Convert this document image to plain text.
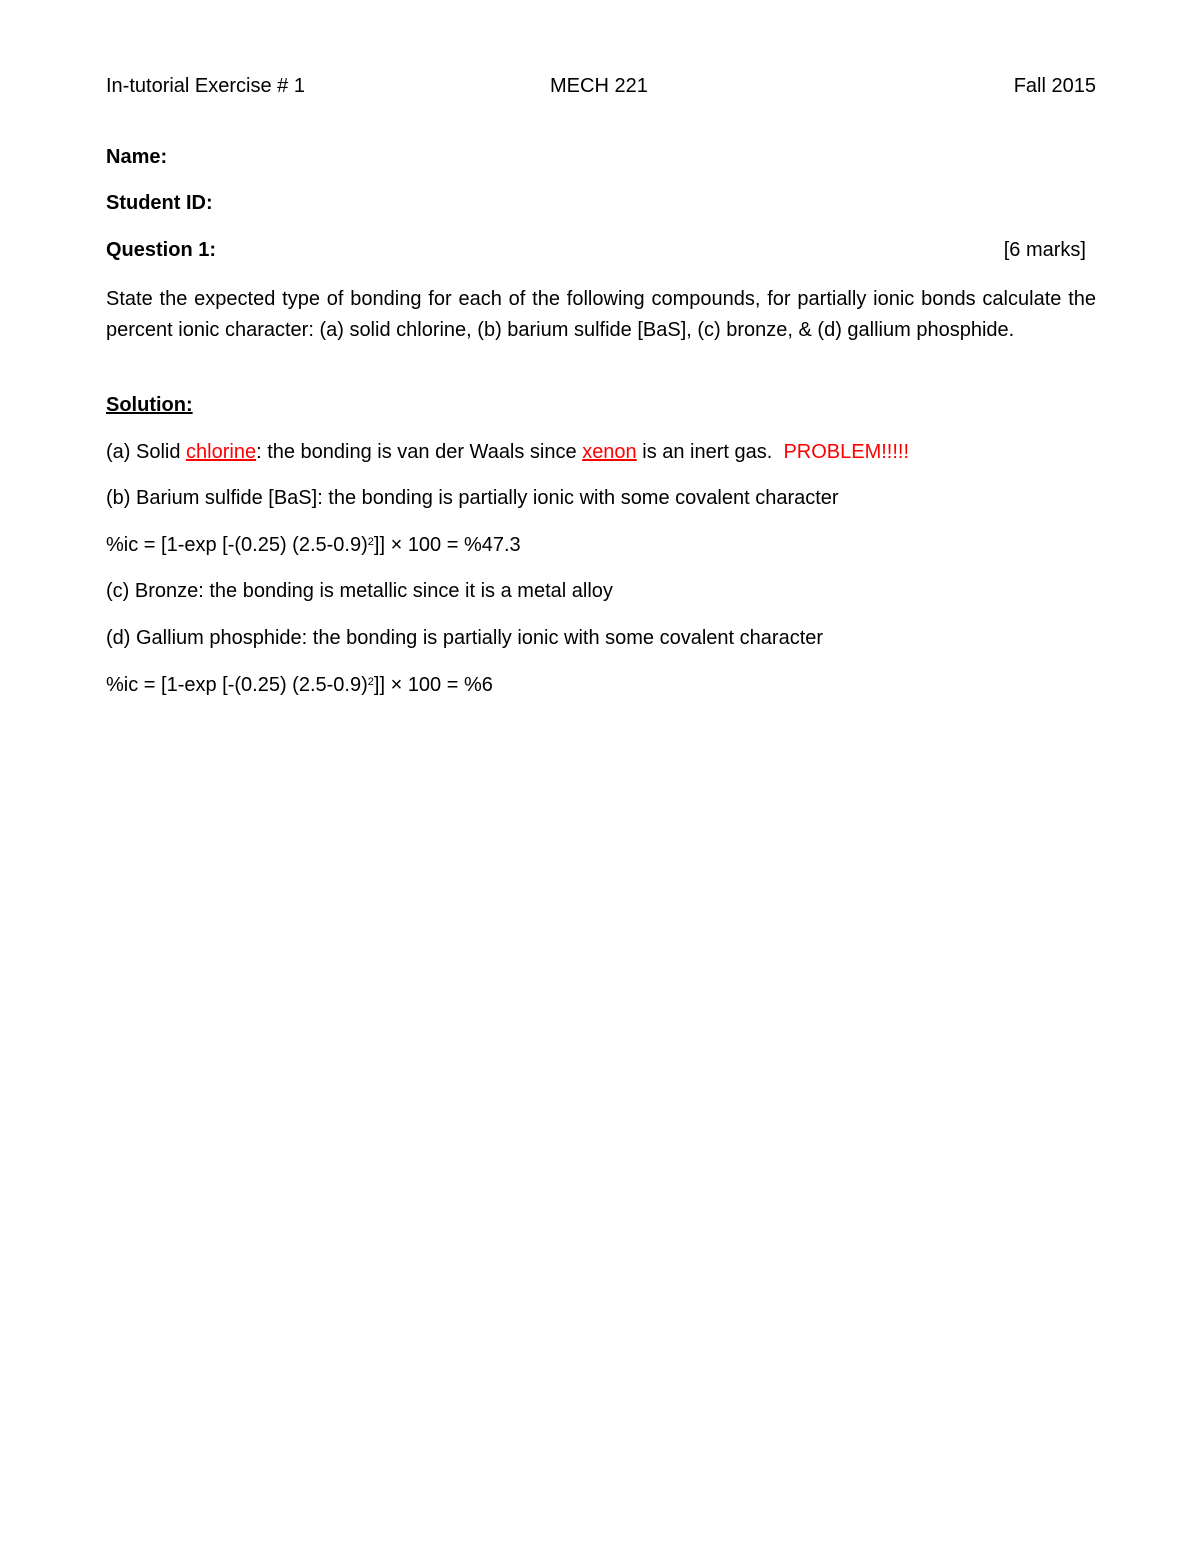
In-tutorial Exercise # 1	MECH 221	Fall 2015
Name:
Student ID:
Question 1:	[6 marks]
State the expected type of bonding for each of the following compounds, for partially ionic bonds calculate the percent ionic character: (a) solid chlorine, (b) barium sulfide [BaS], (c) bronze, & (d) gallium phosphide.
Solution:
(a) Solid chlorine: the bonding is van der Waals since xenon is an inert gas. PROBLEM!!!!!
(b) Barium sulfide [BaS]: the bonding is partially ionic with some covalent character
%ic = [1-exp [-(0.25) $(2.5-0.9)^2]] \times 100 = \%47.3$
(c) Bronze: the bonding is metallic since it is a metal alloy
(d) Gallium phosphide: the bonding is partially ionic with some covalent character
%ic = [1-exp [-(0.25) $(2.5-0.9)^2]] \times 100 = \%6$
